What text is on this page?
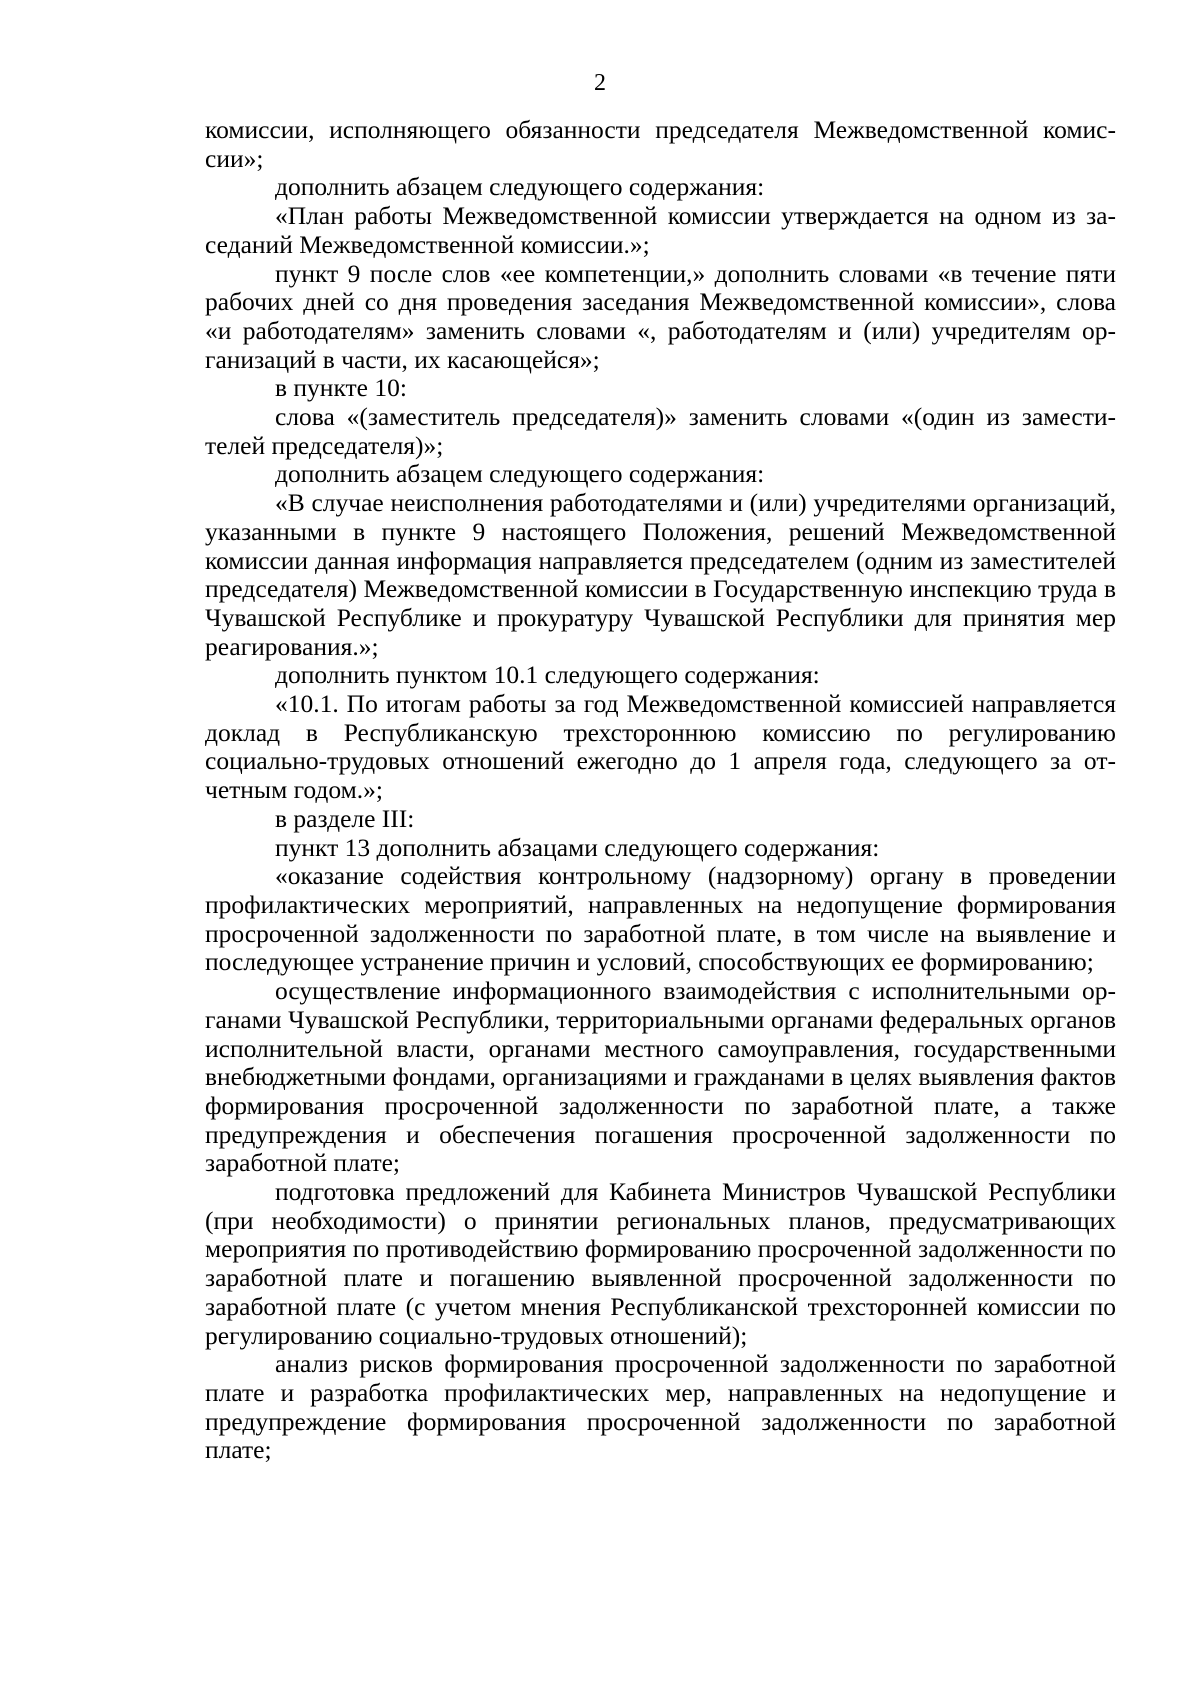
2

комиссии, исполняющего обязанности председателя Межведомственной комиссии»;

дополнить абзацем следующего содержания:

«План работы Межведомственной комиссии утверждается на одном из заседаний Межведомственной комиссии.»;

пункт 9 после слов «ее компетенции,» дополнить словами «в течение пяти рабочих дней со дня проведения заседания Межведомственной комиссии», слова «и работодателям» заменить словами «, работодателям и (или) учредителям организаций в части, их касающейся»;

в пункте 10:

слова «(заместитель председателя)» заменить словами «(один из заместителей председателя)»;

дополнить абзацем следующего содержания:

«В случае неисполнения работодателями и (или) учредителями организаций, указанными в пункте 9 настоящего Положения, решений Межведомственной комиссии данная информация направляется председателем (одним из заместителей председателя) Межведомственной комиссии в Государственную инспекцию труда в Чувашской Республике и прокуратуру Чувашской Республики для принятия мер реагирования.»;

дополнить пунктом 10.1 следующего содержания:

«10.1. По итогам работы за год Межведомственной комиссией направляется доклад в Республиканскую трехстороннюю комиссию по регулированию социально-трудовых отношений ежегодно до 1 апреля года, следующего за отчетным годом.»;

в разделе III:

пункт 13 дополнить абзацами следующего содержания:

«оказание содействия контрольному (надзорному) органу в проведении профилактических мероприятий, направленных на недопущение формирования просроченной задолженности по заработной плате, в том числе на выявление и последующее устранение причин и условий, способствующих ее формированию;

осуществление информационного взаимодействия с исполнительными органами Чувашской Республики, территориальными органами федеральных органов исполнительной власти, органами местного самоуправления, государственными внебюджетными фондами, организациями и гражданами в целях выявления фактов формирования просроченной задолженности по заработной плате, а также предупреждения и обеспечения погашения просроченной задолженности по заработной плате;

подготовка предложений для Кабинета Министров Чувашской Республики (при необходимости) о принятии региональных планов, предусматривающих мероприятия по противодействию формированию просроченной задолженности по заработной плате и погашению выявленной просроченной задолженности по заработной плате (с учетом мнения Республиканской трехсторонней комиссии по регулированию социально-трудовых отношений);

анализ рисков формирования просроченной задолженности по заработной плате и разработка профилактических мер, направленных на недопущение и предупреждение формирования просроченной задолженности по заработной плате;
